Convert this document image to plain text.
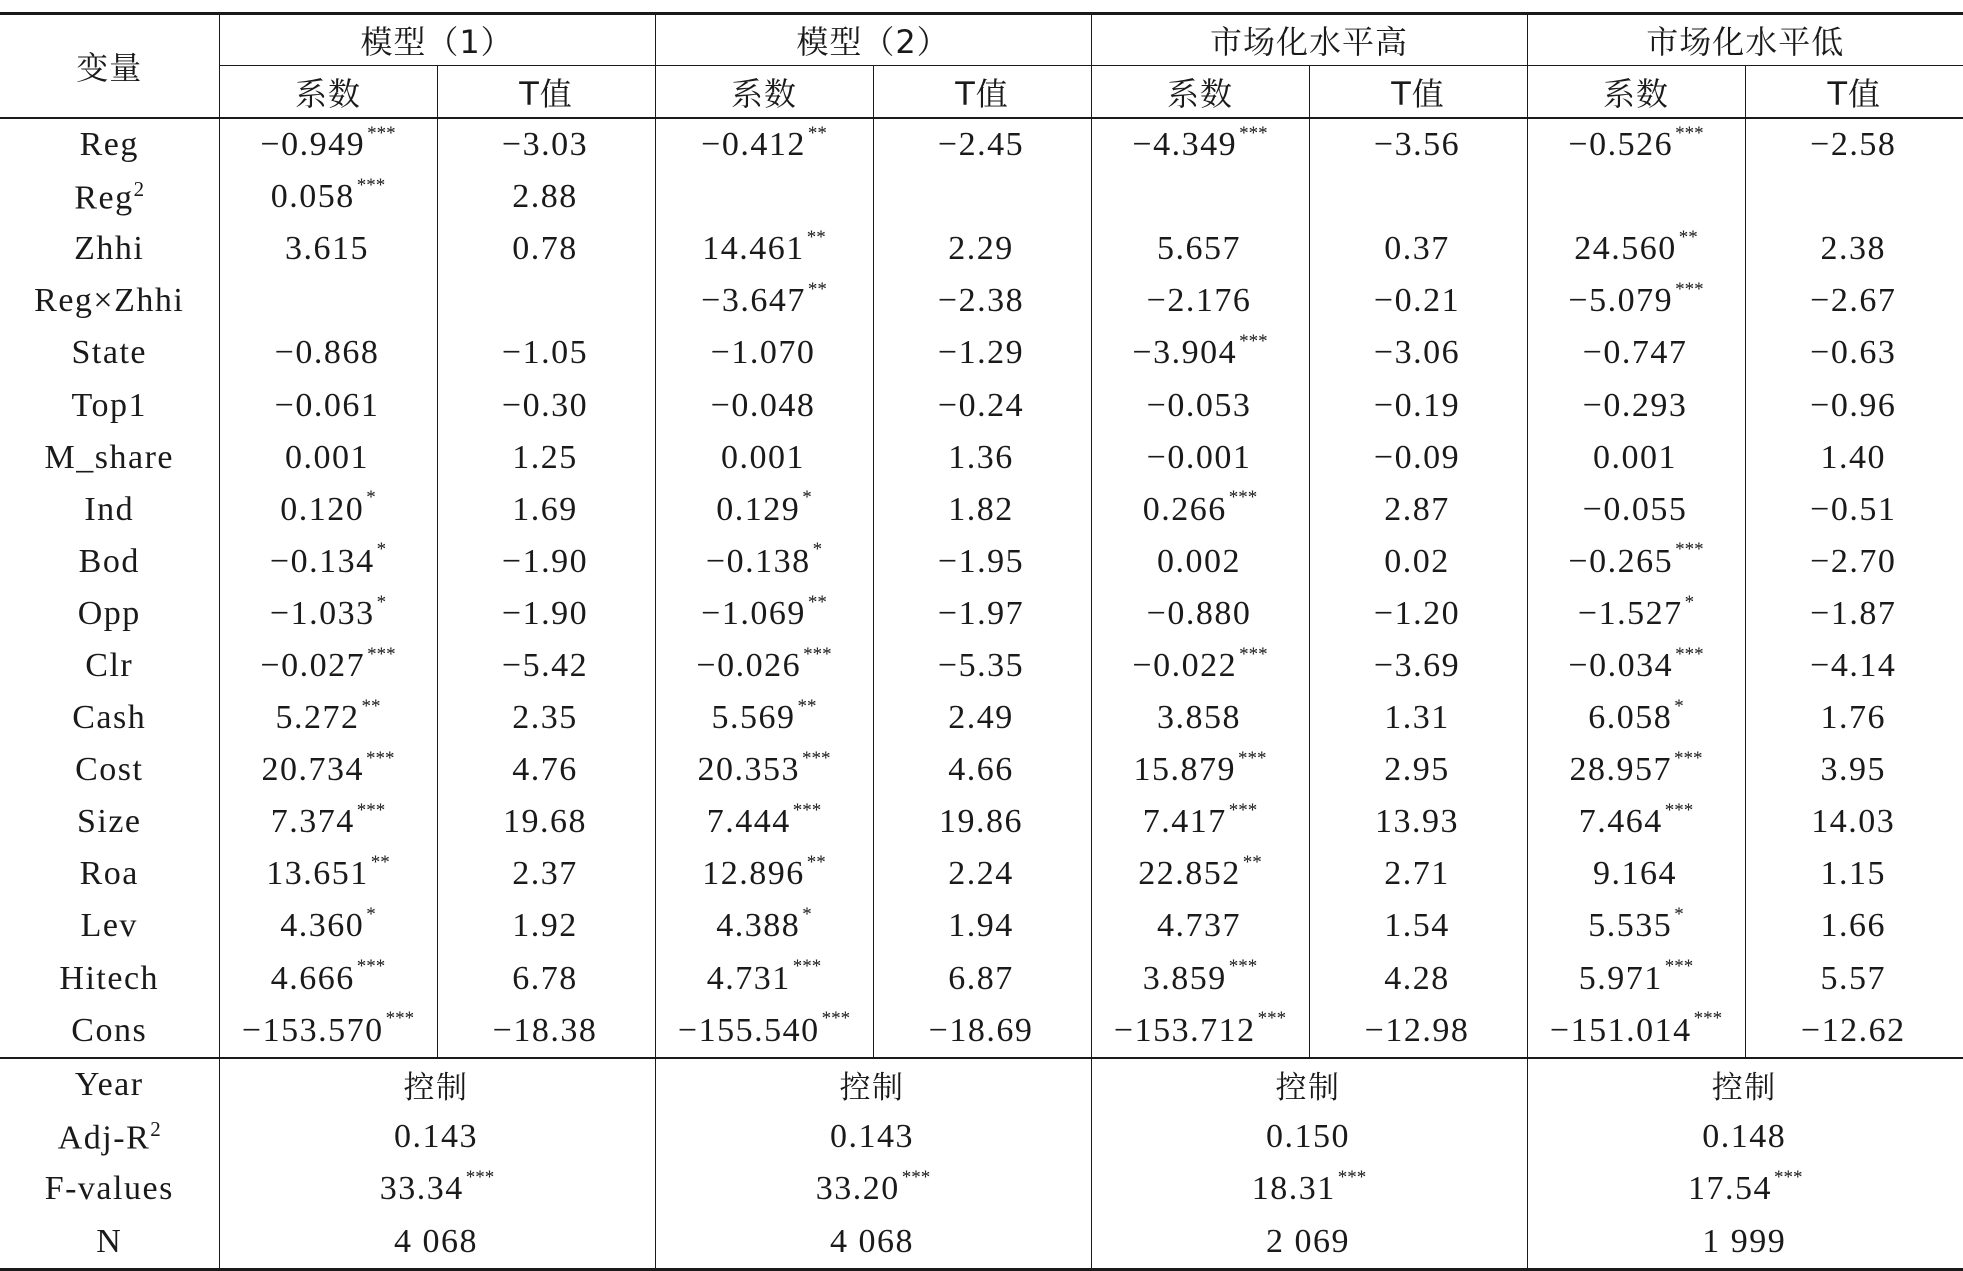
变量	模型（1）		模型（2）		市场化水平高		市场化水平低	
	系数	T值	系数	T值	系数	T值	系数	T值
Reg	−0.949 ***	−3.03	−0.412 **	−2.45	−4.349 ***	−3.56	−0.526 ***	−2.58
Reg$^2$	0.058 ***	2.88						
Zhhi	3.615	0.78	14.461 **	2.29	5.657	0.37	24.560 **	2.38
Reg×Zhhi			−3.647 **	−2.38	−2.176	−0.21	−5.079 ***	−2.67
State	−0.868	−1.05	−1.070	−1.29	−3.904 ***	−3.06	−0.747	−0.63
Top1	−0.061	−0.30	−0.048	−0.24	−0.053	−0.19	−0.293	−0.96
M_share	0.001	1.25	0.001	1.36	−0.001	−0.09	0.001	1.40
Ind	0.120 *	1.69	0.129 *	1.82	0.266 ***	2.87	−0.055	−0.51
Bod	−0.134 *	−1.90	−0.138 *	−1.95	0.002	0.02	−0.265 ***	−2.70
Opp	−1.033 *	−1.90	−1.069 **	−1.97	−0.880	−1.20	−1.527 *	−1.87
Clr	−0.027 ***	−5.42	−0.026 ***	−5.35	−0.022 ***	−3.69	−0.034 ***	−4.14
Cash	5.272 **	2.35	5.569 **	2.49	3.858	1.31	6.058 *	1.76
Cost	20.734 ***	4.76	20.353 ***	4.66	15.879 ***	2.95	28.957 ***	3.95
Size	7.374 ***	19.68	7.444 ***	19.86	7.417 ***	13.93	7.464 ***	14.03
Roa	13.651 **	2.37	12.896 **	2.24	22.852 **	2.71	9.164	1.15
Lev	4.360 *	1.92	4.388 *	1.94	4.737	1.54	5.535 *	1.66
Hitech	4.666 ***	6.78	4.731 ***	6.87	3.859 ***	4.28	5.971 ***	5.57
Cons	−153.570 ***	−18.38	−155.540 ***	−18.69	−153.712 ***	−12.98	−151.014 ***	−12.62
Year	控制		控制		控制		控制	
Adj-$R^2$	0.143		0.143		0.150		0.148	
F-values	33.34 ***		33.20 ***		18.31 ***		17.54 ***
N	4 068		4 068		2 069		1 999	
